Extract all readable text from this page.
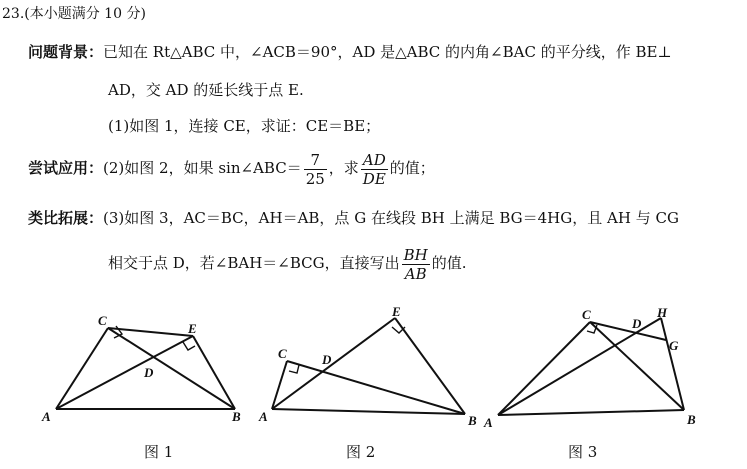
23.(本小题满分 10 分)
问题背景：已知在 Rt△ABC 中，∠ACB＝90°，AD 是△ABC 的内角∠BAC 的平分线，作 BE⊥
AD，交 AD 的延长线于点 E.
(1)如图 1，连接 CE，求证：CE＝BE；
尝试应用：(2)如图 2，如果 sin∠ABC＝ $\frac{7}{25}$ ，求 $\frac{AD}{DE}$ 的值；
类比拓展：(3)如图 3，AC＝BC，AH＝AB，点 G 在线段 BH 上满足 BG＝4HG，且 AH 与 CG
相交于点 D，若∠BAH＝∠BCG，直接写出 $\frac{BH}{AB}$ 的值.
C
E
D
A	B
E
C	D
A	B
C
D
H
G
A	B
图 1	图 2	图 3
